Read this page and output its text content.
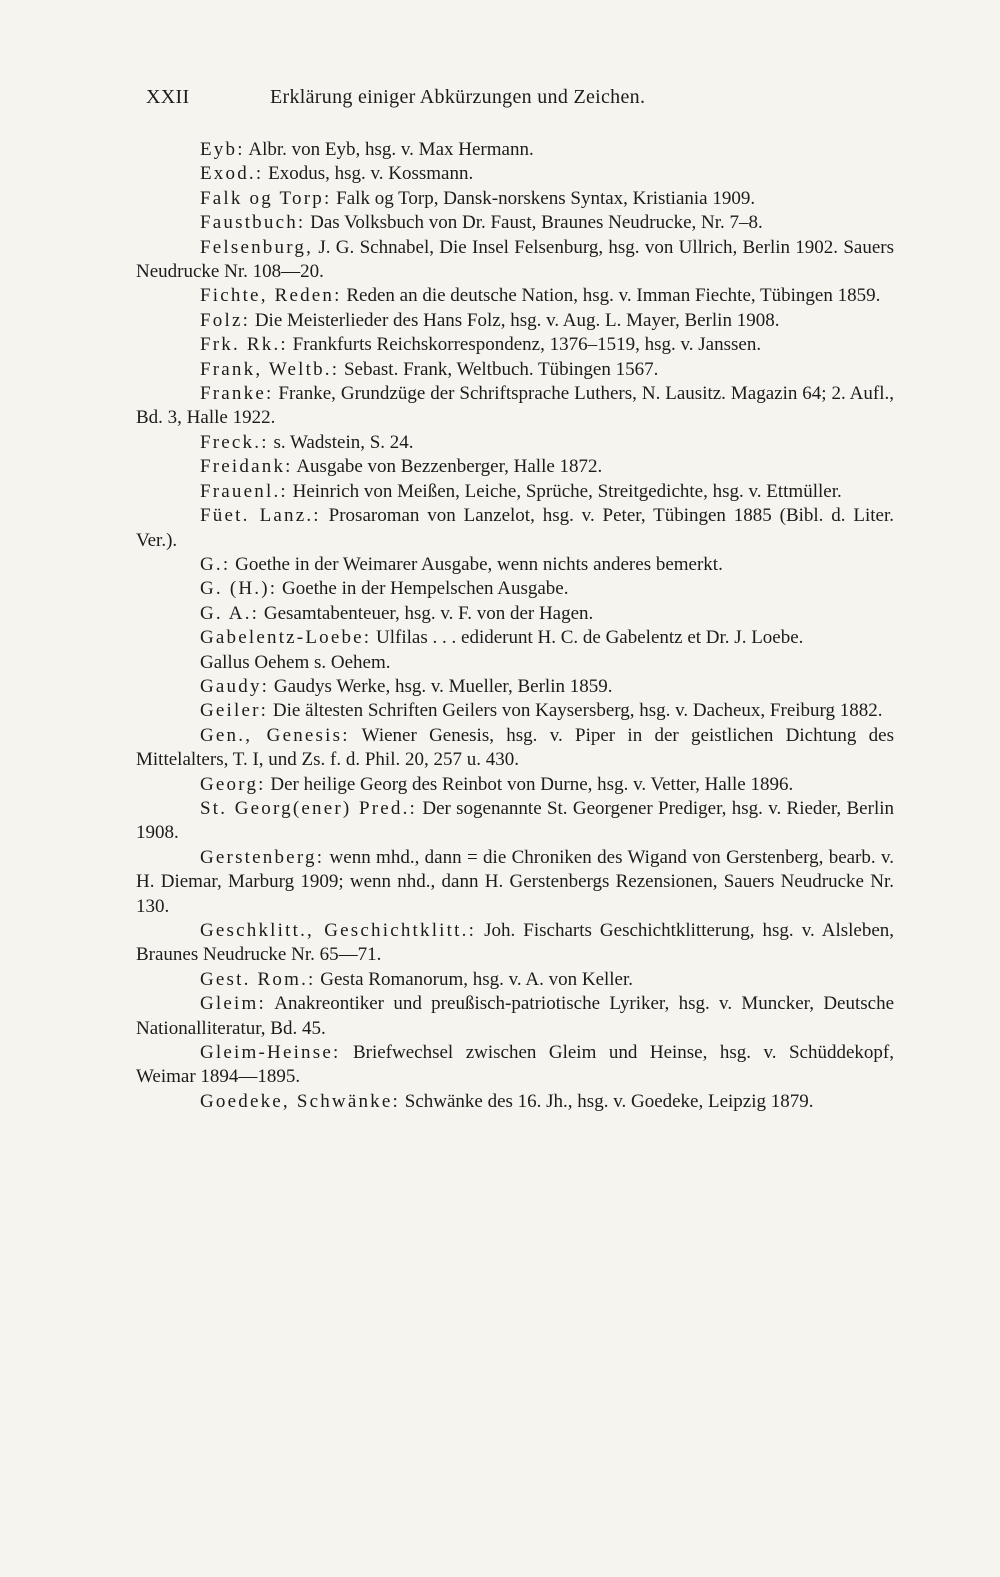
XXII	Erklärung einiger Abkürzungen und Zeichen.

Eyb: Albr. von Eyb, hsg. v. Max Hermann.

Exod.: Exodus, hsg. v. Kossmann.

Falk og Torp: Falk og Torp, Dansk-norskens Syntax, Kristiania 1909.

Faustbuch: Das Volksbuch von Dr. Faust, Braunes Neudrucke, Nr. 7–8.

Felsenburg, J. G. Schnabel, Die Insel Felsenburg, hsg. von Ullrich, Berlin 1902. Sauers Neudrucke Nr. 108—20.

Fichte, Reden: Reden an die deutsche Nation, hsg. v. Imman Fiechte, Tübingen 1859.

Folz: Die Meisterlieder des Hans Folz, hsg. v. Aug. L. Mayer, Berlin 1908.

Frk. Rk.: Frankfurts Reichskorrespondenz, 1376–1519, hsg. v. Janssen.

Frank, Weltb.: Sebast. Frank, Weltbuch. Tübingen 1567.

Franke: Franke, Grundzüge der Schriftsprache Luthers, N. Lausitz. Magazin 64; 2. Aufl., Bd. 3, Halle 1922.

Freck.: s. Wadstein, S. 24.

Freidank: Ausgabe von Bezzenberger, Halle 1872.

Frauenl.: Heinrich von Meißen, Leiche, Sprüche, Streitgedichte, hsg. v. Ettmüller.

Füet. Lanz.: Prosaroman von Lanzelot, hsg. v. Peter, Tübingen 1885 (Bibl. d. Liter. Ver.).

G.: Goethe in der Weimarer Ausgabe, wenn nichts anderes bemerkt.

G. (H.): Goethe in der Hempelschen Ausgabe.

G. A.: Gesamtabenteuer, hsg. v. F. von der Hagen.

Gabelentz-Loebe: Ulfilas . . . ediderunt H. C. de Gabelentz et Dr. J. Loebe.

Gallus Oehem s. Oehem.

Gaudy: Gaudys Werke, hsg. v. Mueller, Berlin 1859.

Geiler: Die ältesten Schriften Geilers von Kaysersberg, hsg. v. Dacheux, Freiburg 1882.

Gen., Genesis: Wiener Genesis, hsg. v. Piper in der geistlichen Dichtung des Mittelalters, T. I, und Zs. f. d. Phil. 20, 257 u. 430.

Georg: Der heilige Georg des Reinbot von Durne, hsg. v. Vetter, Halle 1896.

St. Georg(ener) Pred.: Der sogenannte St. Georgener Prediger, hsg. v. Rieder, Berlin 1908.

Gerstenberg: wenn mhd., dann = die Chroniken des Wigand von Gerstenberg, bearb. v. H. Diemar, Marburg 1909; wenn nhd., dann H. Gerstenbergs Rezensionen, Sauers Neudrucke Nr. 130.

Geschklitt., Geschichtklitt.: Joh. Fischarts Geschichtklitterung, hsg. v. Alsleben, Braunes Neudrucke Nr. 65—71.

Gest. Rom.: Gesta Romanorum, hsg. v. A. von Keller.

Gleim: Anakreontiker und preußisch-patriotische Lyriker, hsg. v. Muncker, Deutsche Nationalliteratur, Bd. 45.

Gleim-Heinse: Briefwechsel zwischen Gleim und Heinse, hsg. v. Schüddekopf, Weimar 1894—1895.

Goedeke, Schwänke: Schwänke des 16. Jh., hsg. v. Goedeke, Leipzig 1879.
